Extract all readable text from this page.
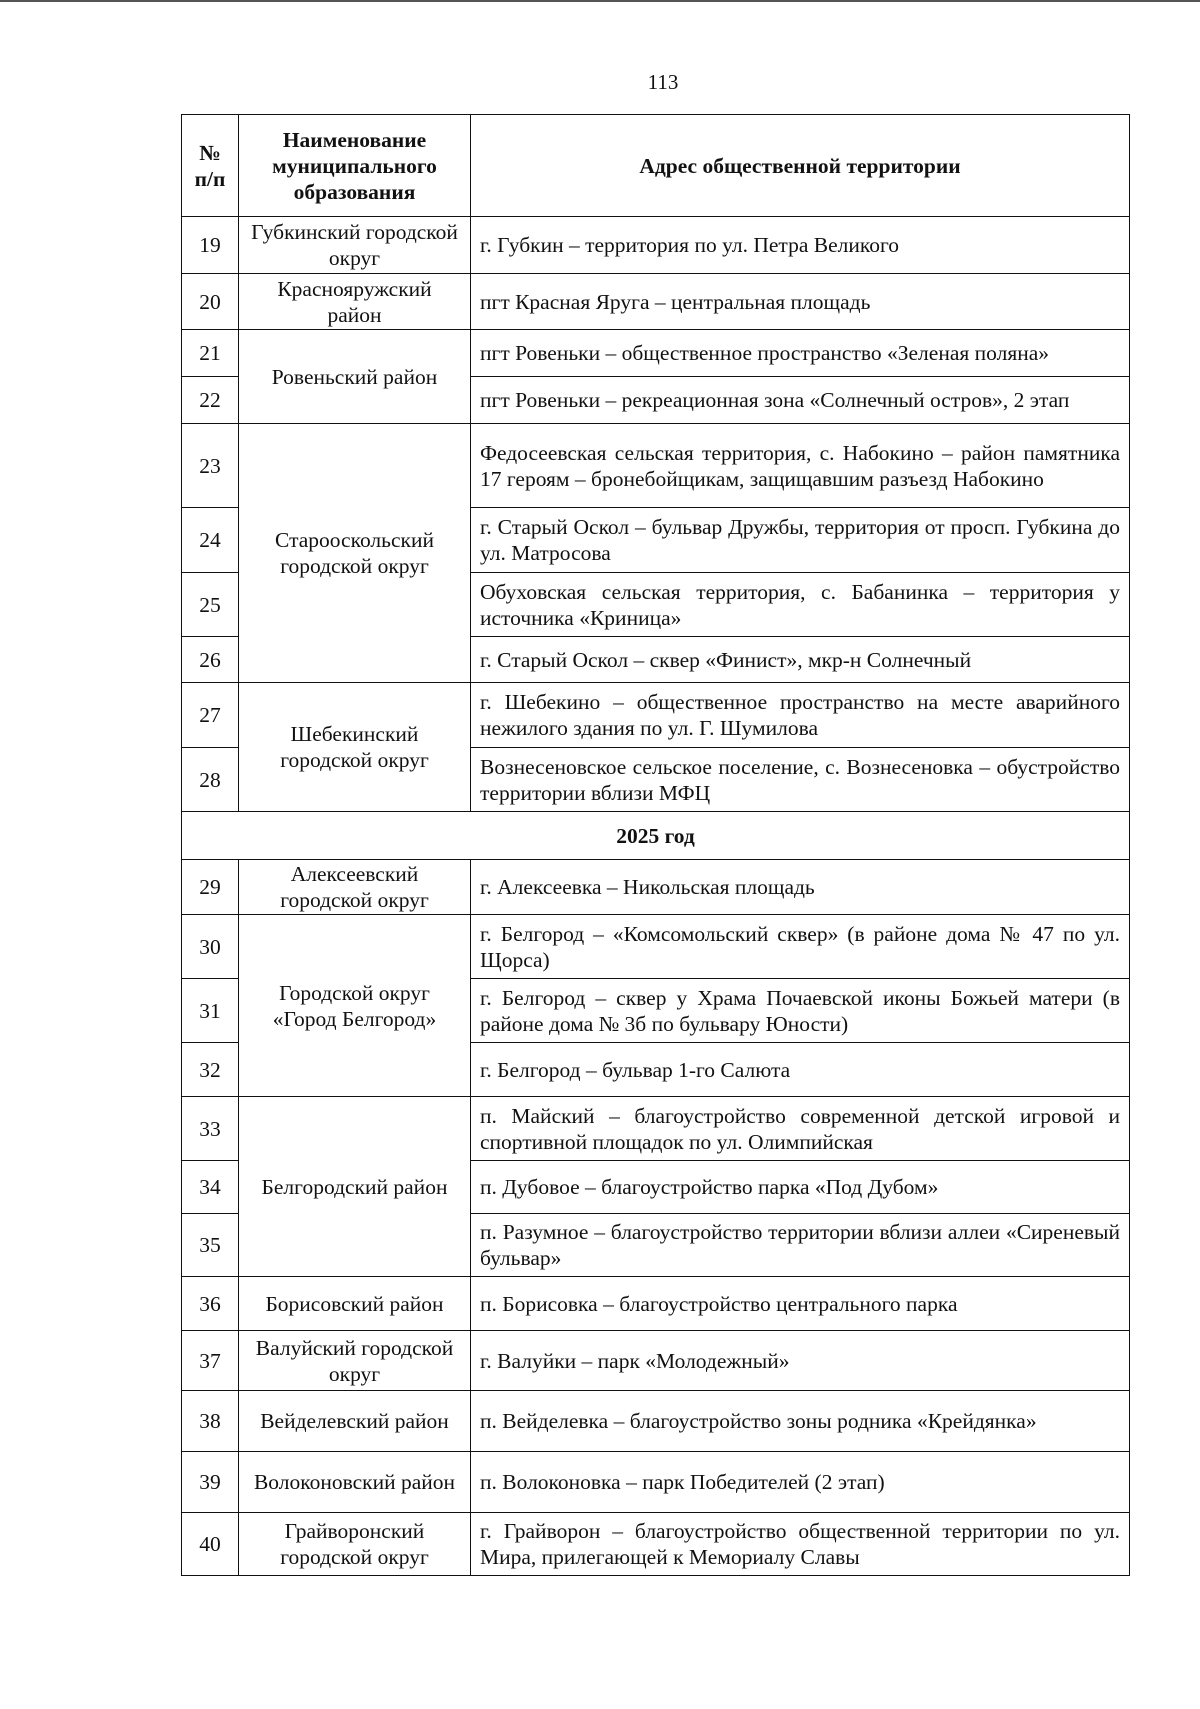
113
№ п/п	Наименование муниципального образования	Адрес общественной территории
19	Губкинский городской округ	г. Губкин – территория по ул. Петра Великого
20	Краснояружский район	пгт Красная Яруга – центральная площадь
21	Ровеньский район	пгт Ровеньки – общественное пространство «Зеленая поляна»
22		пгт Ровеньки – рекреационная зона «Солнечный остров», 2 этап
23	Старооскольский городской округ	Федосеевская сельская территория, с. Набокино – район памятника 17 героям – бронебойщикам, защищавшим разъезд Набокино
24		г. Старый Оскол – бульвар Дружбы, территория от просп. Губкина до ул. Матросова
25		Обуховская сельская территория, с. Бабанинка – территория у источника «Криница»
26		г. Старый Оскол – сквер «Финист», мкр-н Солнечный
27	Шебекинский городской округ	г. Шебекино – общественное пространство на месте аварийного нежилого здания по ул. Г. Шумилова
28		Вознесеновское сельское поселение, с. Вознесеновка – обустройство территории вблизи МФЦ
2025 год		
29	Алексеевский городской округ	г. Алексеевка – Никольская площадь
30	Городской округ «Город Белгород»	г. Белгород – «Комсомольский сквер» (в районе дома № 47 по ул. Щорса)
31		г. Белгород – сквер у Храма Почаевской иконы Божьей матери (в районе дома № 3б по бульвару Юности)
32		г. Белгород – бульвар 1-го Салюта
33	Белгородский район	п. Майский – благоустройство современной детской игровой и спортивной площадок по ул. Олимпийская
34		п. Дубовое – благоустройство парка «Под Дубом»
35		п. Разумное – благоустройство территории вблизи аллеи «Сиреневый бульвар»
36	Борисовский район	п. Борисовка – благоустройство центрального парка
37	Валуйский городской округ	г. Валуйки – парк «Молодежный»
38	Вейделевский район	п. Вейделевка – благоустройство зоны родника «Крейдянка»
39	Волоконовский район	п. Волоконовка – парк Победителей (2 этап)
40	Грайворонский городской округ	г. Грайворон – благоустройство общественной территории по ул. Мира, прилегающей к Мемориалу Славы
